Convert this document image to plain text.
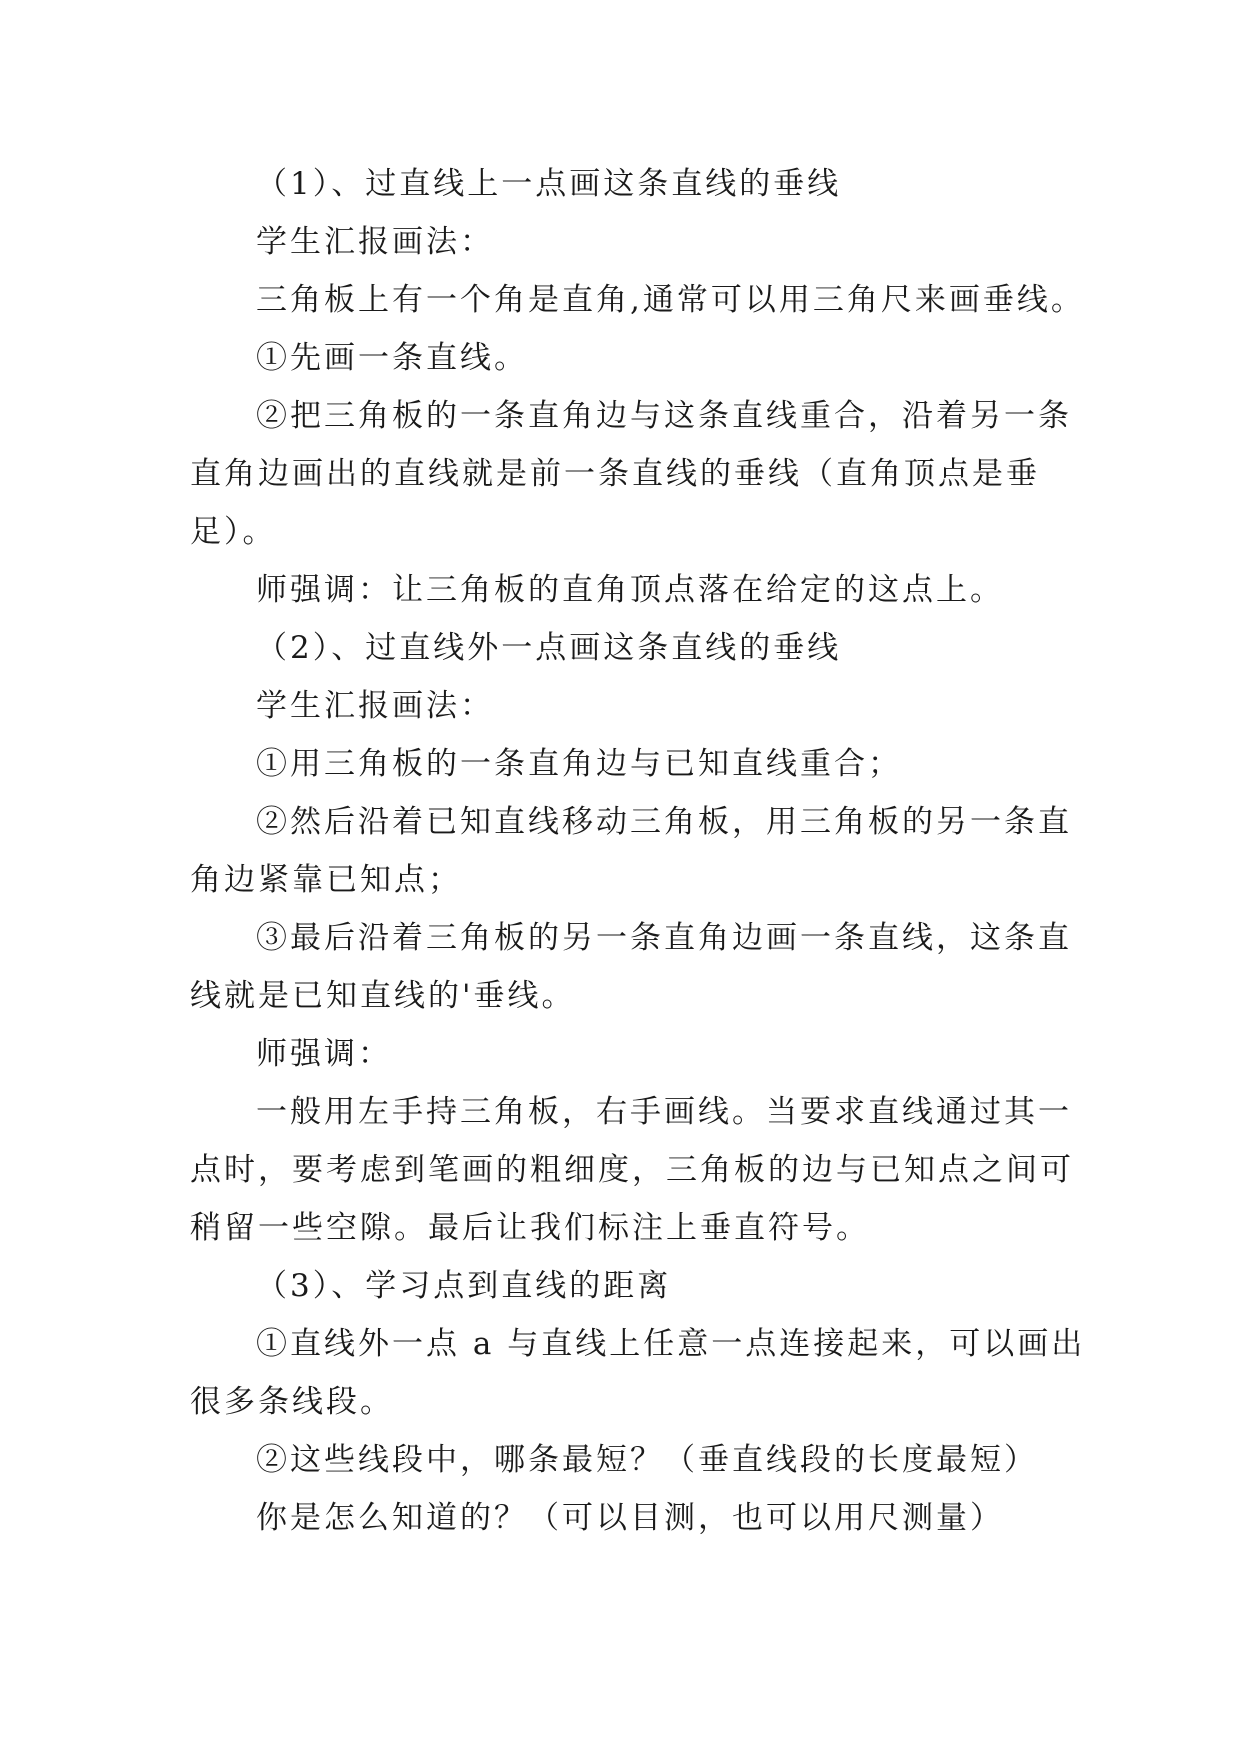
（1）、过直线上一点画这条直线的垂线
学生汇报画法：
三角板上有一个角是直角,通常可以用三角尺来画垂线。
①先画一条直线。
②把三角板的一条直角边与这条直线重合，沿着另一条
直角边画出的直线就是前一条直线的垂线（直角顶点是垂
足）。
师强调：让三角板的直角顶点落在给定的这点上。
（2）、过直线外一点画这条直线的垂线
学生汇报画法：
①用三角板的一条直角边与已知直线重合；
②然后沿着已知直线移动三角板，用三角板的另一条直
角边紧靠已知点；
③最后沿着三角板的另一条直角边画一条直线，这条直
线就是已知直线的'垂线。
师强调：
一般用左手持三角板，右手画线。当要求直线通过其一
点时，要考虑到笔画的粗细度，三角板的边与已知点之间可
稍留一些空隙。最后让我们标注上垂直符号。
（3）、学习点到直线的距离
①直线外一点 a 与直线上任意一点连接起来，可以画出
很多条线段。
②这些线段中，哪条最短？（垂直线段的长度最短）
你是怎么知道的？（可以目测，也可以用尺测量）
